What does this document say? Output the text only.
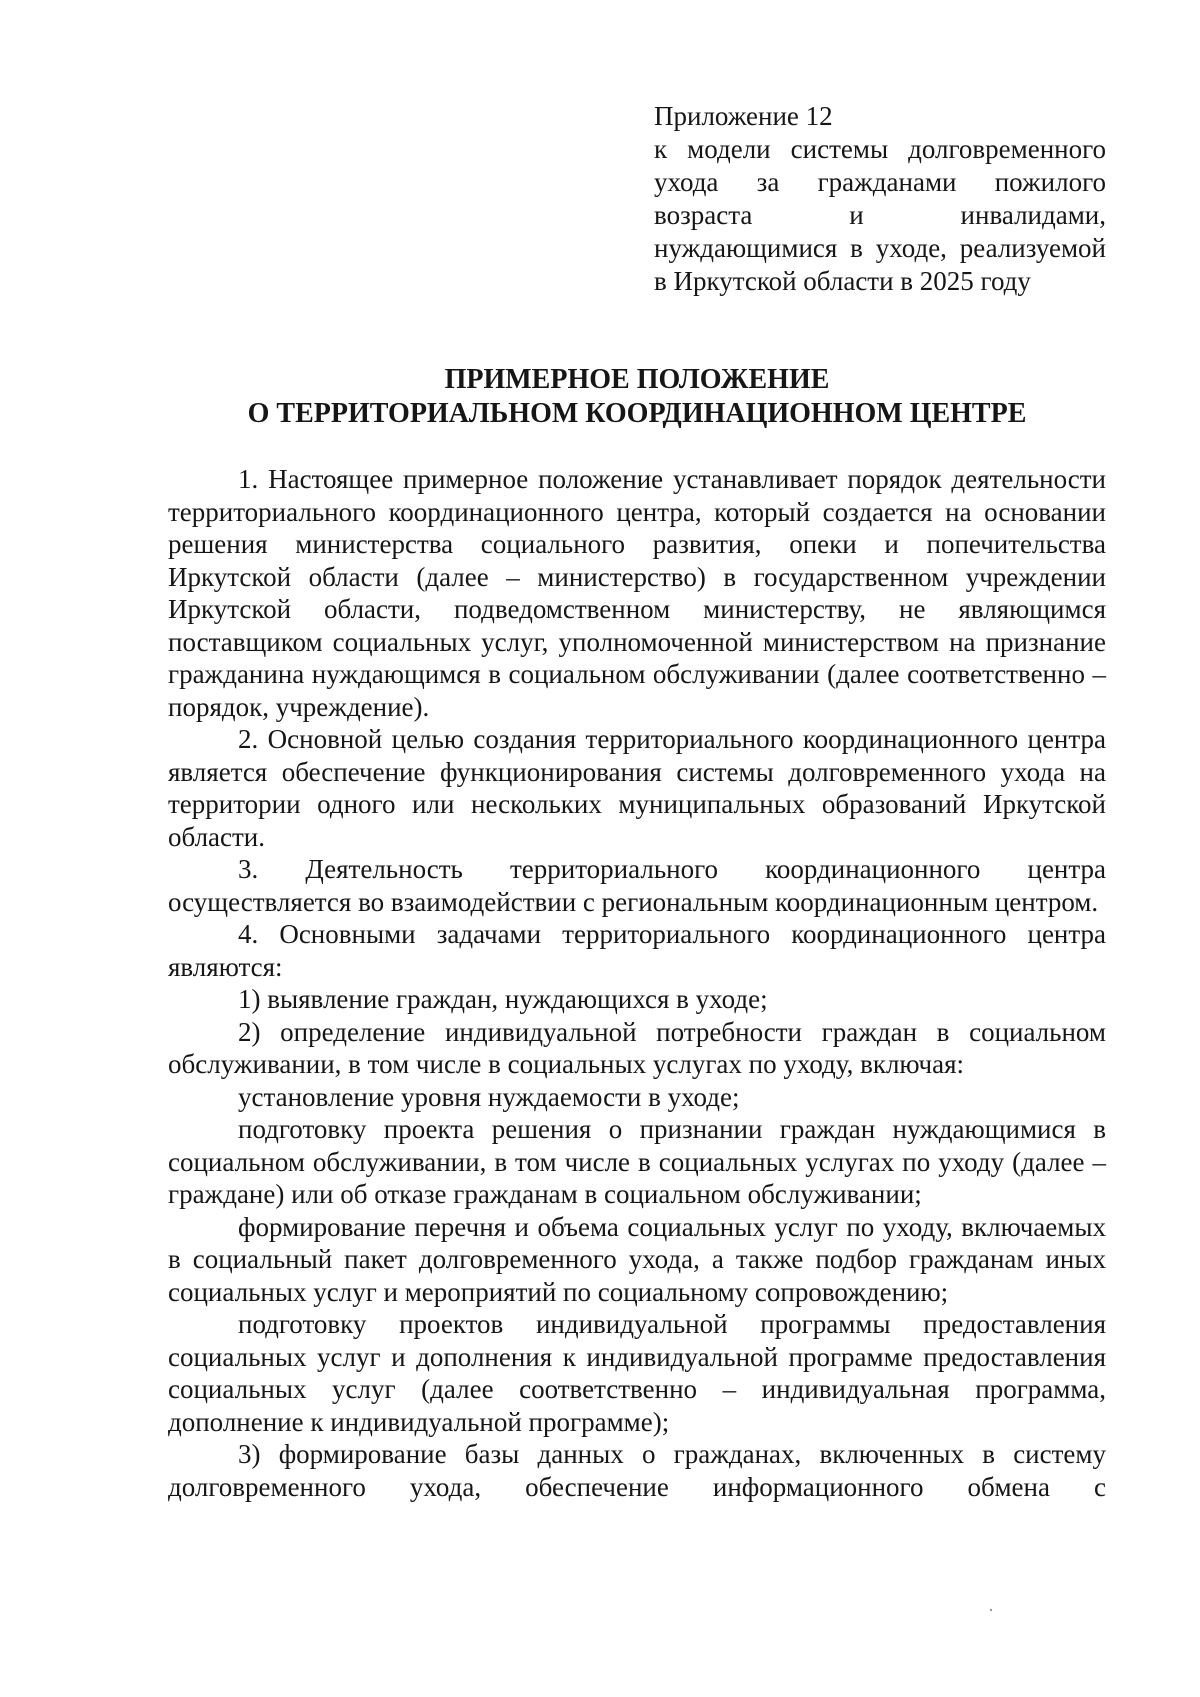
Приложение 12
к модели системы долговременного ухода за гражданами пожилого возраста и инвалидами, нуждающимися в уходе, реализуемой в Иркутской области в 2025 году
ПРИМЕРНОЕ ПОЛОЖЕНИЕ
О ТЕРРИТОРИАЛЬНОМ КООРДИНАЦИОННОМ ЦЕНТРЕ

1. Настоящее примерное положение устанавливает порядок деятельности территориального координационного центра, который создается на основании решения министерства социального развития, опеки и попечительства Иркутской области (далее – министерство) в государственном учреждении Иркутской области, подведомственном министерству, не являющимся поставщиком социальных услуг, уполномоченной министерством на признание гражданина нуждающимся в социальном обслуживании (далее соответственно – порядок, учреждение).

2. Основной целью создания территориального координационного центра является обеспечение функционирования системы долговременного ухода на территории одного или нескольких муниципальных образований Иркутской области.

3. Деятельность территориального координационного центра осуществляется во взаимодействии с региональным координационным центром.

4. Основными задачами территориального координационного центра являются:

1) выявление граждан, нуждающихся в уходе;

2) определение индивидуальной потребности граждан в социальном обслуживании, в том числе в социальных услугах по уходу, включая:

установление уровня нуждаемости в уходе;

подготовку проекта решения о признании граждан нуждающимися в социальном обслуживании, в том числе в социальных услугах по уходу (далее – граждане) или об отказе гражданам в социальном обслуживании;

формирование перечня и объема социальных услуг по уходу, включаемых в социальный пакет долговременного ухода, а также подбор гражданам иных социальных услуг и мероприятий по социальному сопровождению;

подготовку проектов индивидуальной программы предоставления социальных услуг и дополнения к индивидуальной программе предоставления социальных услуг (далее соответственно – индивидуальная программа, дополнение к индивидуальной программе);

3) формирование базы данных о гражданах, включенных в систему долговременного ухода, обеспечение информационного обмена с
